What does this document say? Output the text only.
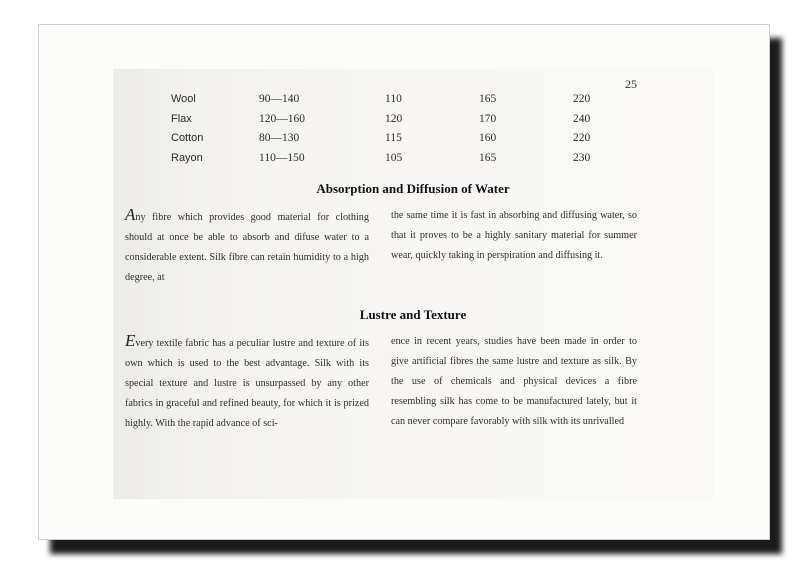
25
Wool	90—140	110	165	220
Flax	120—160	120	170	240
Cotton	80—130	115	160	220
Rayon	110—150	105	165	230
Absorption and Diffusion of Water
Any fibre which provides good material for clothing should at once be able to absorb and difuse water to a considerable extent. Silk fibre can retain humidity to a high degree, at
the same time it is fast in absorbing and diffusing water, so that it proves to be a highly sanitary material for summer wear, quickly taking in perspiration and diffusing it.
Lustre and Texture
Every textile fabric has a peculiar lustre and texture of its own which is used to the best advantage. Silk with its special texture and lustre is unsurpassed by any other fabrics in graceful and refined beauty, for which it is prized highly. With the rapid advance of sci-
ence in recent years, studies have been made in order to give artificial fibres the same lustre and texture as silk. By the use of chemicals and physical devices a fibre resembling silk has come to be manufactured lately, but it can never compare favorably with silk with its unrivalled
